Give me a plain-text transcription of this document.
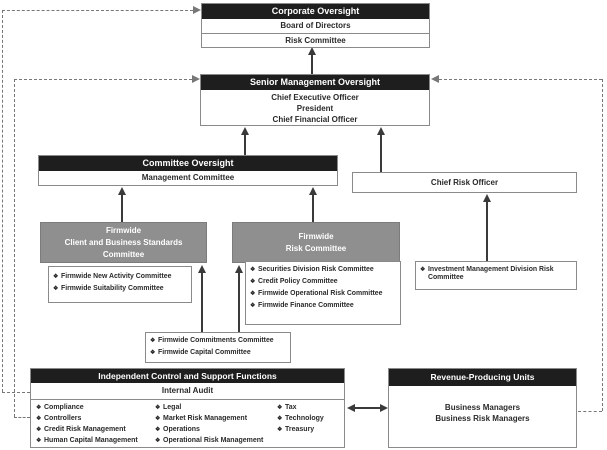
Corporate Oversight
Board of Directors
Risk Committee
Senior Management Oversight
Chief Executive Officer
President
Chief Financial Officer
Committee Oversight
Management Committee
Chief Risk Officer
Firmwide
Client and Business Standards
Committee
Firmwide
Risk Committee
❖ Firmwide New Activity Committee
❖ Firmwide Suitability Committee
❖ Securities Division Risk Committee
❖ Credit Policy Committee
❖ Firmwide Operational Risk Committee
❖ Firmwide Finance Committee
❖ Investment Management Division Risk Committee
❖ Firmwide Commitments Committee
❖ Firmwide Capital Committee
Independent Control and Support Functions
Internal Audit
❖ Compliance
❖ Controllers
❖ Credit Risk Management
❖ Human Capital Management
❖ Legal
❖ Market Risk Management
❖ Operations
❖ Operational Risk Management
❖ Tax
❖ Technology
❖ Treasury
Revenue-Producing Units
Business Managers
Business Risk Managers
